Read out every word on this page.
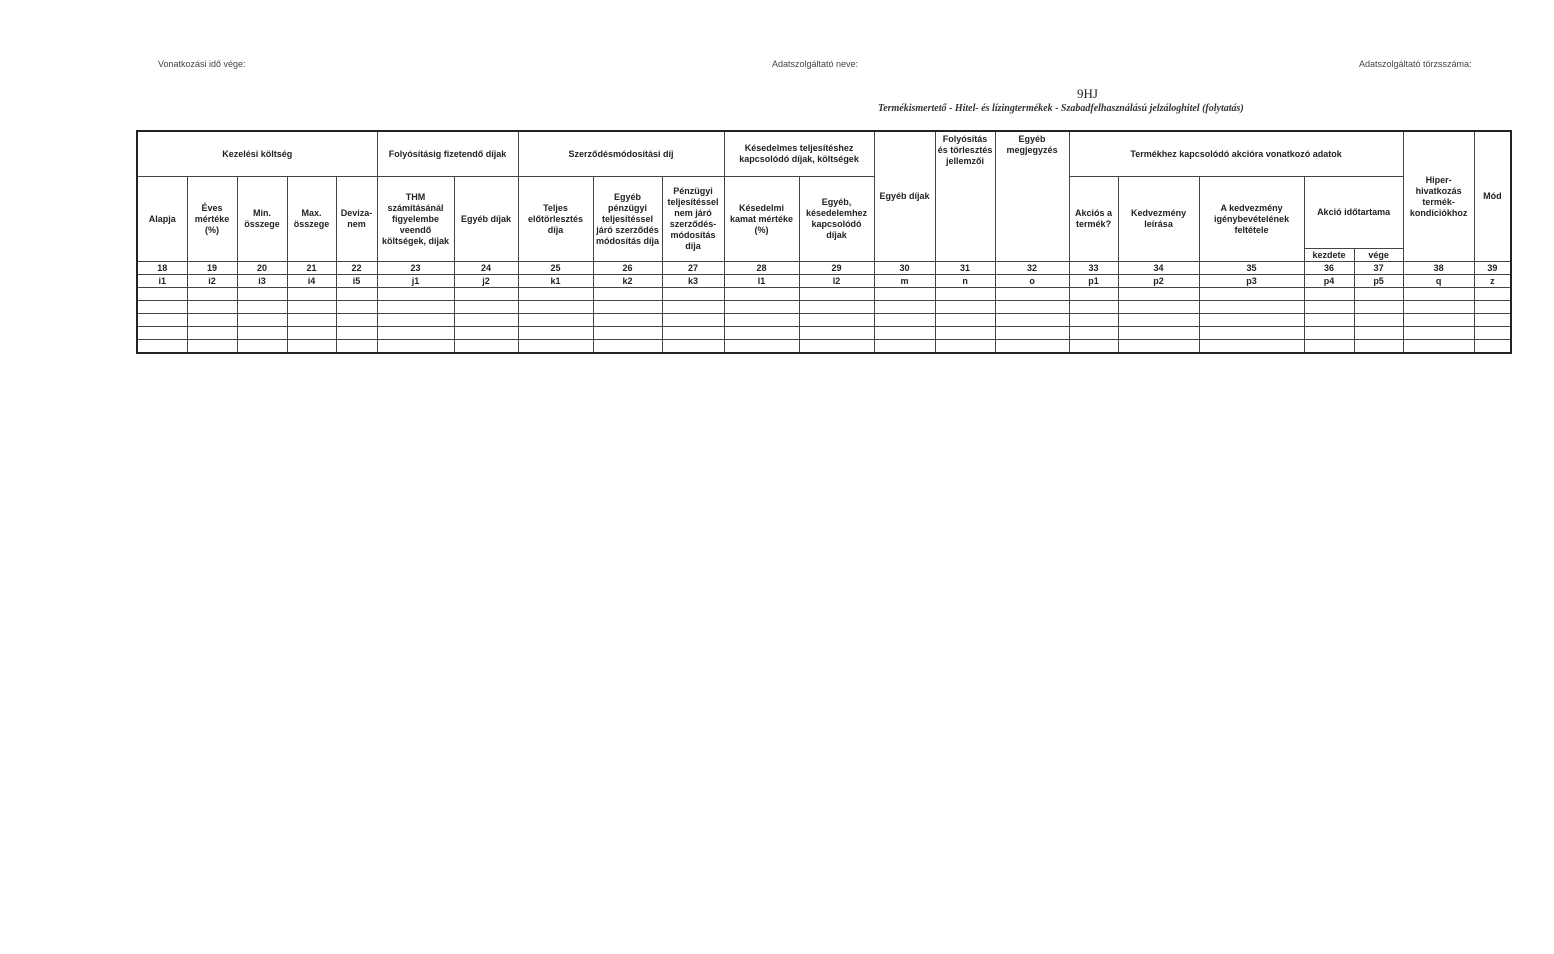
Vonatkozási idő vége:	Adatszolgáltató neve:	Adatszolgáltató törzsszáma:
9HJ
Termékismertető - Hitel- és lízingtermékek - Szabadfelhasználású jelzáloghitel (folytatás)
Kezelési költség					Folyósításig fizetendő díjak		Szerződésmódosítási díj			Késedelmes teljesítéshez kapcsolódó díjak, költségek		Egyéb díjak	Folyósítás és törlesztés jellemzői	Egyéb megjegyzés	Termékhez kapcsolódó akcióra vonatkozó adatok					Hiper-hivatkozás termék-kondíciókhoz	Mód
Alapja	Éves mértéke (%)	Min. összege	Max. összege	Deviza-nem	THM számításánál figyelembe veendő költségek, díjak	Egyéb díjak	Teljes előtörlesztés díja	Egyéb pénzügyi teljesítéssel járó szerződés módosítás díja	Pénzügyi teljesítéssel nem járó szerződés-módosítás díja	Késedelmi kamat mértéke (%)	Egyéb, késedelemhez kapcsolódó díjak				Akciós a termék?	Kedvezmény leírása	A kedvezmény igénybevételének feltétele	Akció időtartama			
																		kezdete	vége		
18	19	20	21	22	23	24	25	26	27	28	29	30	31	32	33	34	35	36	37	38	39
i1	i2	i3	i4	i5	j1	j2	k1	k2	k3	l1	l2	m	n	o	p1	p2	p3	p4	p5	q	z
